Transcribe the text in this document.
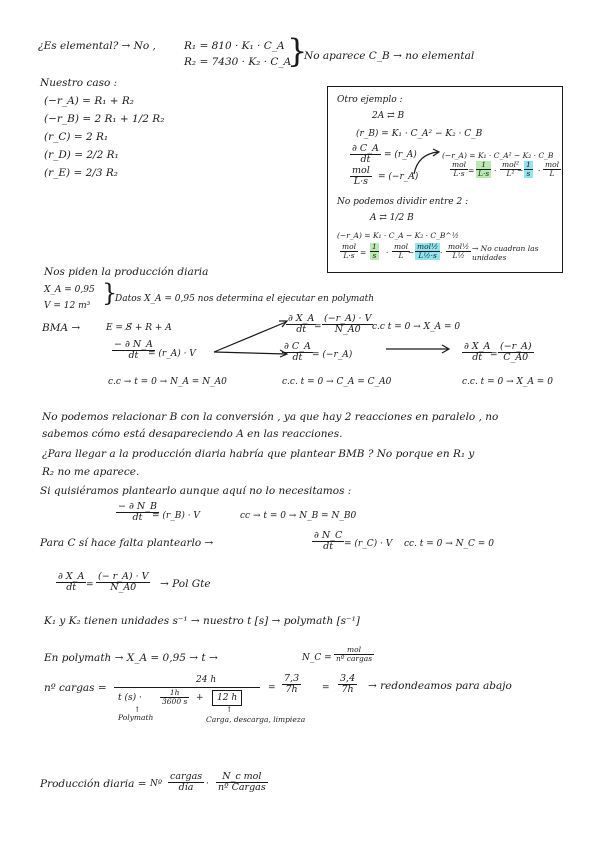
¿Es elemental? → No ,	R₁ = 810 · K₁ · C_A
R₂ = 7430 · K₂ · C_A
}
No aparece C_B → no elemental
Nuestro caso :
(−r_A) = R₁ + R₂
(−r_B) = 2 R₁ + 1/2 R₂
(r_C) = 2 R₁
(r_D) = 2/2 R₁
(r_E) = 2/3 R₂
Otro ejemplo :
2A ⇄ B
(r_B) = K₁ · C_A² − K₂ · C_B
$\frac{\partial C\_A}{dt}$ = (r_A)
mol
L·s	= (−r_A)
(−r_A) = K₁ · C_A² − K₂ · C_B
mol
$L\cdot s = \frac{1}{L\cdot s}$ ·
mol²
$L^2 - \frac{1}{s}$ ·
mol
L
No podemos dividir entre 2 :
A ⇄ 1/2 B
(−r_A) = K₁ · C_A − K₂ · C_B^½
mol
$L\cdot s = \frac{1}{s}$ ·
mol
L −
mol½
L½·s ·
mol½
L½
→ No cuadran las unidades
Nos piden la producción diaria
X_A = 0,95
V = 12 m³ }
Datos X_A = 0,95 nos determina el ejecutar en polymath
BMA →	E = S̸ + R + A
$\frac{- \partial N\_A}{dt}$
= (r_A) · V
c.c → t = 0 → N_A = N_A0
$\frac{\partial X\_A}{dt}$
= $\frac{(-r\_A) \cdot V}{N\_A0}$
c.c t = 0 → X_A = 0
$\frac{\partial C\_A}{dt}$ = (−r_A)
c.c. t = 0 → C_A = C_A0
$\frac{\partial X\_A}{dt}$
= $\frac{(-r\_A)}{C\_A0}$
c.c. t = 0 → X_A = 0
No podemos relacionar B con la conversión , ya que hay 2 reacciones en paralelo , no
sabemos cómo está desapareciendo A en las reacciones.
¿Para llegar a la producción diaria habría que plantear BMB ? No porque en R₁ y
R₂ no me aparece.
Si quisiéramos plantearlo aunque aquí no lo necesitamos :
$\frac{- \partial N\_B}{dt}$
= (r_B) · V	cc → t = 0 → N_B = N_B0
Para C sí hace falta plantearlo →	$\frac{\partial N\_C}{dt}$ = (r_C) · V cc. t = 0 → N_C = 0
$\frac{\partial X\_A}{dt} = \frac{(- r\_A) \cdot V}{N\_A0}$ → Pol Gte
K₁ y K₂ tienen unidades s⁻¹ → nuestro t [s] → polymath [s⁻¹]
En polymath → X_A = 0,95 → t →	N_C =
mol
nº cargas
nº cargas =
24 h
t $(s) \cdot \frac{1h}{3600 s}$ +	12 h
↑
Polymath
↑
Carga, descarga, limpieza
= $\frac{7,3}{7h} = \frac{3,4}{7h}$ → redondeamos para abajo
Producción diaria = Nº
cargas
día	·
N_c mol
nº Cargas
